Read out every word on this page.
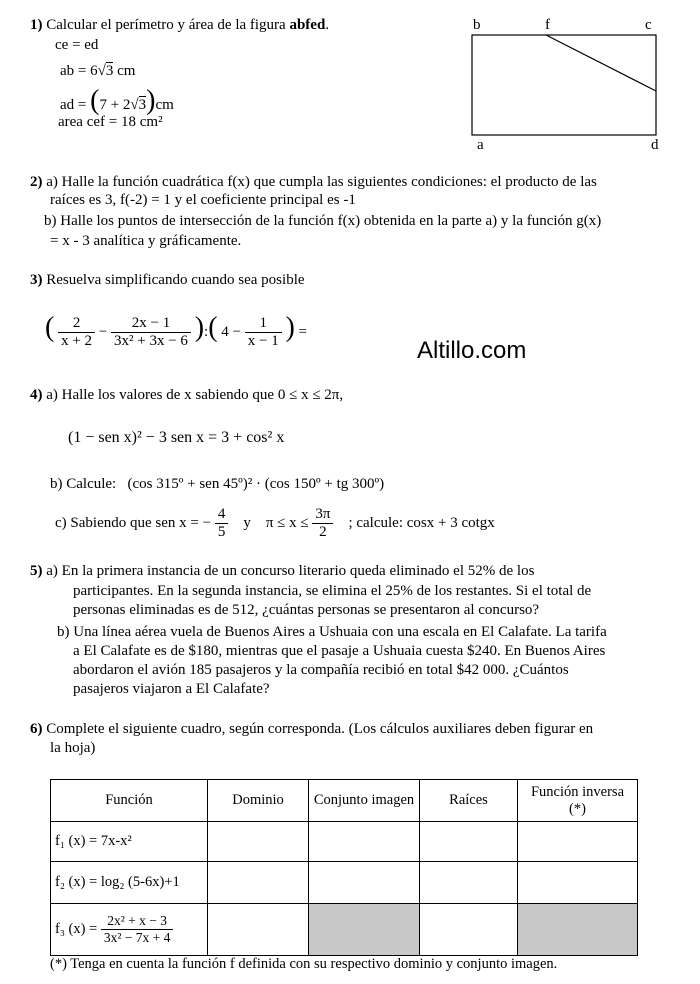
1) Calcular el perímetro y área de la figura abfed.
ce = ed
ab = 6√3 cm
ad = (7 + 2√3)cm
area cef = 18 cm²
b	f	c
a	d
2) a) Halle la función cuadrática f(x) que cumpla las siguientes condiciones: el producto de las
raíces es 3, f(-2) = 1 y el coeficiente principal es -1
b) Halle los puntos de intersección de la función f(x) obtenida en la parte a) y la función g(x)
= x - 3 analítica y gráficamente.
3) Resuelva simplificando cuando sea posible
( $\frac{2}{x + 2} - \frac{2x - 1}{\text{3x² + 3x − 6}}$ ):( $4 - \frac{1}{x - 1}$ ) =
Altillo.com
4) a) Halle los valores de x sabiendo que 0 ≤ x ≤ 2π,
(1 − sen x)² − 3 sen x = 3 + cos² x
b) Calcule: (cos 315º + sen 45º)² · (cos 150º + tg 300º)
c) Sabiendo que sen x = − $\frac{4}{5}$ y $\pi \le x \le \frac{3\pi}{2}$ ; calcule: cosx + 3 cotgx
5) a) En la primera instancia de un concurso literario queda eliminado el 52% de los
participantes. En la segunda instancia, se elimina el 25% de los restantes. Si el total de
personas eliminadas es de 512, ¿cuántas personas se presentaron al concurso?
b) Una línea aérea vuela de Buenos Aires a Ushuaia con una escala en El Calafate. La tarifa
a El Calafate es de $180, mientras que el pasaje a Ushuaia cuesta $240. En Buenos Aires
abordaron el avión 185 pasajeros y la compañía recibió en total $42 000. ¿Cuántos
pasajeros viajaron a El Calafate?
6) Complete el siguiente cuadro, según corresponda. (Los cálculos auxiliares deben figurar en
la hoja)
Función	Dominio	Conjunto imagen	Raíces	Función inversa (*)
f₁ (x) = 7x-x²				
f₂ (x) = log₂ (5-6x)+1				
f₃ $(x) = \frac{\text{2x² + x − 3}}{\text{3x² − 7x + 4}}$

(*) Tenga en cuenta la función f definida con su respectivo dominio y conjunto imagen.
